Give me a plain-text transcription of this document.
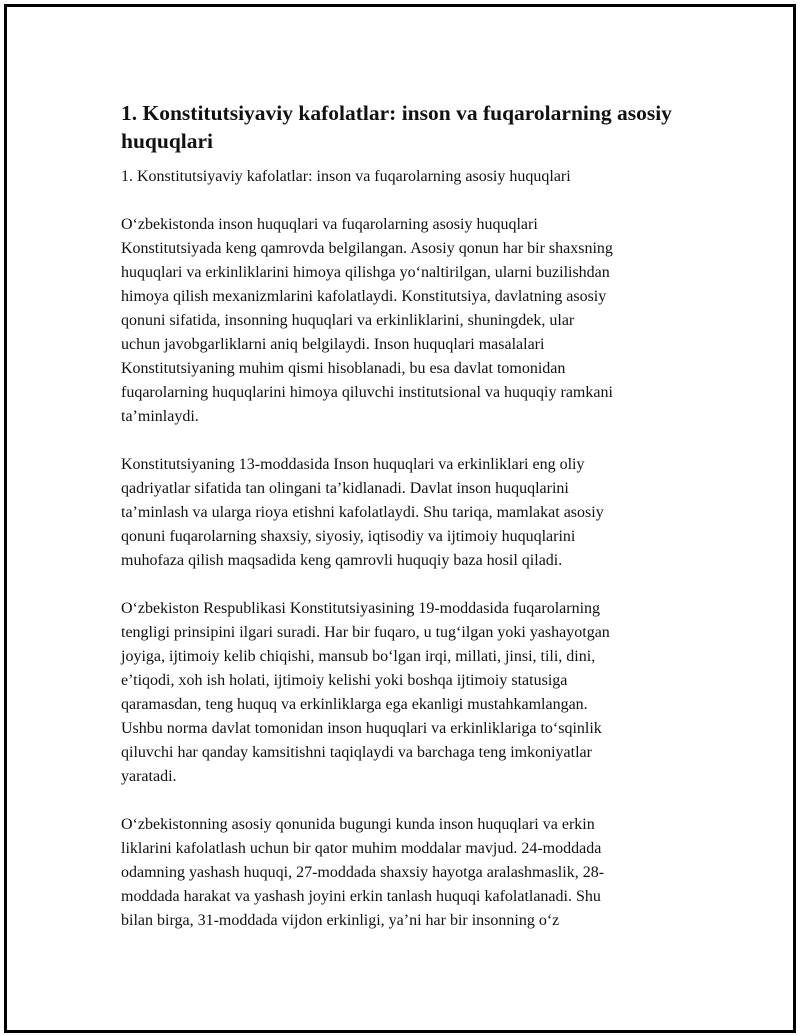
1. Konstitutsiyaviy kafolatlar: inson va fuqarolarning asosiy
huquqlari
1. Konstitutsiyaviy kafolatlar: inson va fuqarolarning asosiy huquqlari
O‘zbekistonda inson huquqlari va fuqarolarning asosiy huquqlari
Konstitutsiyada keng qamrovda belgilangan. Asosiy qonun har bir shaxsning
huquqlari va erkinliklarini himoya qilishga yo‘naltirilgan, ularni buzilishdan
himoya qilish mexanizmlarini kafolatlaydi. Konstitutsiya, davlatning asosiy
qonuni sifatida, insonning huquqlari va erkinliklarini, shuningdek, ular
uchun javobgarliklarni aniq belgilaydi. Inson huquqlari masalalari
Konstitutsiyaning muhim qismi hisoblanadi, bu esa davlat tomonidan
fuqarolarning huquqlarini himoya qiluvchi institutsional va huquqiy ramkani
ta’minlaydi.
Konstitutsiyaning 13-moddasida Inson huquqlari va erkinliklari eng oliy
qadriyatlar sifatida tan olingani ta’kidlanadi. Davlat inson huquqlarini
ta’minlash va ularga rioya etishni kafolatlaydi. Shu tariqa, mamlakat asosiy
qonuni fuqarolarning shaxsiy, siyosiy, iqtisodiy va ijtimoiy huquqlarini
muhofaza qilish maqsadida keng qamrovli huquqiy baza hosil qiladi.
O‘zbekiston Respublikasi Konstitutsiyasining 19-moddasida fuqarolarning
tengligi prinsipini ilgari suradi. Har bir fuqaro, u tug‘ilgan yoki yashayotgan
joyiga, ijtimoiy kelib chiqishi, mansub bo‘lgan irqi, millati, jinsi, tili, dini,
e’tiqodi, xoh ish holati, ijtimoiy kelishi yoki boshqa ijtimoiy statusiga
qaramasdan, teng huquq va erkinliklarga ega ekanligi mustahkamlangan.
Ushbu norma davlat tomonidan inson huquqlari va erkinliklariga to‘sqinlik
qiluvchi har qanday kamsitishni taqiqlaydi va barchaga teng imkoniyatlar
yaratadi.
O‘zbekistonning asosiy qonunida bugungi kunda inson huquqlari va erkin
liklarini kafolatlash uchun bir qator muhim moddalar mavjud. 24-moddada
odamning yashash huquqi, 27-moddada shaxsiy hayotga aralashmaslik, 28-
moddada harakat va yashash joyini erkin tanlash huquqi kafolatlanadi. Shu
bilan birga, 31-moddada vijdon erkinligi, ya’ni har bir insonning o‘z
